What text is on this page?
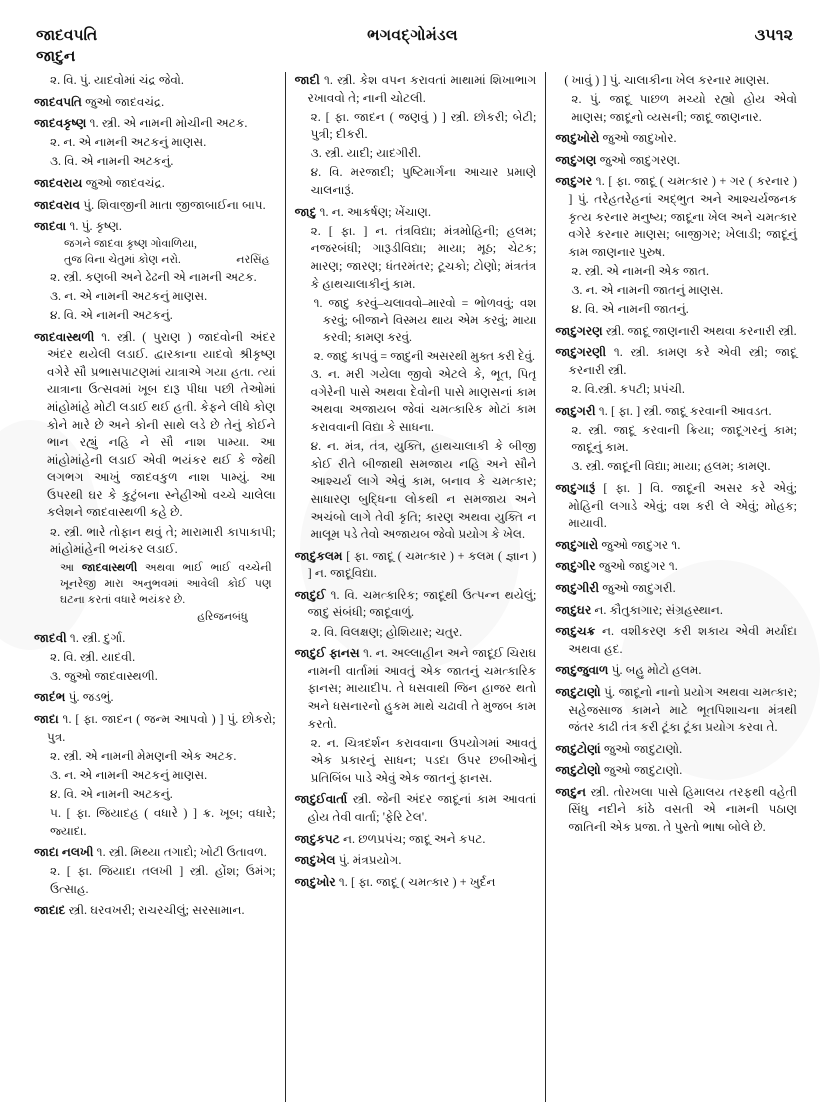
જાદવપતિ
જાદુન
ભગવદ્ગોમંડલ	૩૫૧૨

૨. વિ. પું. યાદવોમાં ચંદ્ર જેવો.

જાદવપતિ જુઓ જાદવચંદ્ર.

જાદવકૃષ્ણ ૧. સ્ત્રી. એ નામની મોચીની અટક.

૨. ન. એ નામની અટકનું માણસ.

૩. વિ. એ નામની અટકનું.

જાદવરાય જુઓ જાદવચંદ્ર.

જાદવરાવ પું. શિવાજીની માતા જીજાબાઈના બાપ.

જાદવા ૧. પું. કૃષ્ણ.

જગને જાદવા કૃષ્ણ ગોવાળિયા,

નરસિંહ
તુજ વિના ચેતુમાં કોણ નરો.

૨. સ્ત્રી. કણબી અને ઢેઢની એ નામની અટક.

૩. ન. એ નામની અટકનું માણસ.

૪. વિ. એ નામની અટકનું.

જાદવાસ્થળી ૧. સ્ત્રી. ( પુરાણ ) જાદવોની અંદર અંદર થયેલી લડાઈ. દ્વારકાના યાદવો શ્રીકૃષ્ણ વગેરે સૌ પ્રભાસપાટણમાં યાત્રાએ ગયા હતા. ત્યાં યાત્રાના ઉત્સવમાં ખૂબ દારૂ પીધા પછી તેઓમાં માંહોમાંહે મોટી લડાઈ થઈ હતી. કેફને લીધે કોણ કોને મારે છે અને કોની સાથે લડે છે તેનું કોઈને ભાન રહ્યું નહિ ને સૌ નાશ પામ્યા. આ માંહોમાંહેની લડાઈ એવી ભયંકર થઈ કે જેથી લગભગ આખું જાદવકુળ નાશ પામ્યું. આ ઉપરથી ઘર કે કુટુંબના સ્નેહીઓ વચ્ચે ચાલેલા કલેશને જાદવાસ્થળી કહે છે.

૨. સ્ત્રી. ભારે તોફાન થવું તે; મારામારી કાપાકાપી; માંહોમાંહેની ભયંકર લડાઈ.

આ જાદવાસ્થળી અથવા ભાઈ ભાઈ વચ્ચેની ખૂનરેજી મારા અનુભવમાં આવેલી કોઈ પણ ઘટના કરતાં વધારે ભયંકર છે.

હરિજનબંધુ

જાદવી ૧. સ્ત્રી. દુર્ગા.

૨. વિ. સ્ત્રી. યાદવી.

૩. જુઓ જાદવાસ્થળી.

જાદંભ પું. જડભું.

જાદા ૧. [ ફા. જાદન ( જન્મ આપવો ) ] પું. છોકરો; પુત્ર.

૨. સ્ત્રી. એ નામની મેમણની એક અટક.

૩. ન. એ નામની અટકનું માણસ.

૪. વિ. એ નામની અટકનું.

૫. [ ફા. જિયાદહ ( વધારે ) ] ક્ર. ખૂબ; વધારે; જ્યાદા.

જાદા નલખી ૧. સ્ત્રી. મિથ્યા તગાદો; ખોટી ઉતાવળ.

૨. [ ફા. જિયાદા તલખી ] સ્ત્રી. હોંશ; ઉમંગ; ઉત્સાહ.

જાદાદ સ્ત્રી. ઘરવખરી; રાચરચીલું; સરસામાન.

જાદી ૧. સ્ત્રી. કેશ વપન કરાવતાં માથામાં શિખાભાગ રખાવવો તે; નાની ચોટલી.

૨. [ ફા. જાદન ( જણવું ) ] સ્ત્રી. છોકરી; બેટી; પુત્રી; દીકરી.

૩. સ્ત્રી. યાદી; યાદગીરી.

૪. વિ. મરજાદી; પુષ્ટિમાર્ગના આચાર પ્રમાણે ચાલનારૂં.

જાદુ ૧. ન. આકર્ષણ; ખેંચાણ.

૨. [ ફા. ] ન. તંત્રવિદ્યા; મંત્રમોહિની; હલમ; નજરબંધી; ગારૂડીવિદ્યા; માયા; મૂઠ; ચેટક; મારણ; જારણ; ધંતરમંતર; ટૂચકો; ટોણો; મંત્રતંત્ર કે હાથચાલાકીનું કામ.

૧. જાદુ કરવું–ચલાવવો–મારવો = ભોળવવું; વશ કરવું; બીજાને વિસ્મય થાય એમ કરવું; માયા કરવી; કામણ કરવું.

૨. જાદુ કાપવું = જાદુની અસરથી મુક્ત કરી દેવું.

૩. ન. મરી ગયેલા જીવો એટલે કે, ભૂત, પિતૃ વગેરેની પાસે અથવા દેવોની પાસે માણસનાં કામ અથવા અજાયબ જેવાં ચમત્કારિક મોટાં કામ કરાવવાની વિદ્યા કે સાધના.

૪. ન. મંત્ર, તંત્ર, યુક્તિ, હાથચાલાકી કે બીજી કોઈ રીતે બીજાથી સમજાય નહિ અને સૌને આશ્ચર્ય લાગે એવું કામ, બનાવ કે ચમત્કાર; સાધારણ બુદ્ધિના લોકથી ન સમજાય અને અચંબો લાગે તેવી કૃતિ; કારણ અથવા યુક્તિ ન માલૂમ પડે તેવો અજાયબ જેવો પ્રયોગ કે ખેલ.

જાદુકલમ [ ફા. જાદૂ ( ચમત્કાર ) + કલમ ( જ્ઞાન ) ] ન. જાદૂવિદ્યા.

જાદુઈ ૧. વિ. ચમત્કારિક; જાદૂથી ઉત્પન્ન થયેલું; જાદુ સંબંધી; જાદૂવાળું.

૨. વિ. વિલક્ષણ; હોશિયાર; ચતુર.

જાદુઈ ફાનસ ૧. ન. અલ્લાહીન અને જાદૂઈ ચિરાઘ નામની વાર્તામાં આવતું એક જાતનું ચમત્કારિક ફાનસ; માયાદીપ. તે ધસવાથી જિન હાજર થતો અને ધસનારનો હુકમ માથે ચઢાવી તે મુજબ કામ કરતો.

૨. ન. ચિત્રદર્શન કરાવવાના ઉપયોગમાં આવતું એક પ્રકારનું સાધન; પડદા ઉપર છબીઓનું પ્રતિબિંબ પાડે એવું એક જાતનું ફાનસ.

જાદુઈવાર્તા સ્ત્રી. જેની અંદર જાદૂનાં કામ આવતાં હોય તેવી વાર્તા; 'ફેરિ ટેલ'.

જાદુકપટ ન. છળપ્રપંચ; જાદૂ અને કપટ.

જાદુખેલ પું. મંત્રપ્રયોગ.

જાદુખોર ૧. [ ફા. જાદૂ ( ચમત્કાર ) + ખુર્દન

( ખાવું ) ] પું. ચાલાકીના ખેલ કરનાર માણસ.

૨. પું. જાદૂ પાછળ મચ્યો રહ્યો હોય એવો માણસ; જાદૂનો વ્યસની; જાદૂ જાણનાર.

જાદુખોરો જુઓ જાદુખોર.

જાદુગણ જુઓ જાદુગરણ.

જાદુગર ૧. [ ફા. જાદૂ ( ચમત્કાર ) + ગર ( કરનાર ) ] પું. તરેહતરેહનાં અદ્ભુત અને આશ્ચર્યજનક કૃત્ય કરનાર મનુષ્ય; જાદૂના ખેલ અને ચમત્કાર વગેરે કરનાર માણસ; બાજીગર; ખેલાડી; જાદૂનું કામ જાણનાર પુરુષ.

૨. સ્ત્રી. એ નામની એક જાત.

૩. ન. એ નામની જાતનું માણસ.

૪. વિ. એ નામની જાતનું.

જાદુગરણ સ્ત્રી. જાદૂ જાણનારી અથવા કરનારી સ્ત્રી.

જાદુગરણી ૧. સ્ત્રી. કામણ કરે એવી સ્ત્રી; જાદૂ કરનારી સ્ત્રી.

૨. વિ.સ્ત્રી. કપટી; પ્રપંચી.

જાદુગરી ૧. [ ફા. ] સ્ત્રી. જાદૂ કરવાની આવડત.

૨. સ્ત્રી. જાદૂ કરવાની ક્રિયા; જાદૂગરનું કામ; જાદૂનું કામ.

૩. સ્ત્રી. જાદૂની વિદ્યા; માયા; હલમ; કામણ.

જાદુગારૂં [ ફા. ] વિ. જાદૂની અસર કરે એવું; મોહિની લગાડે એવું; વશ કરી લે એવું; મોહક; માયાવી.

જાદુગારો જુઓ જાદુગર ૧.

જાદુગીર જુઓ જાદુગર ૧.

જાદુગીરી જુઓ જાદુગરી.

જાદુઘર ન. કૌતુકાગાર; સંગ્રહસ્થાન.

જાદુચક્ર ન. વશીકરણ કરી શકાય એવી મર્યાદા અથવા હદ.

જાદુજુવાળ પું. બહુ મોટો હલમ.

જાદુટાણો પું. જાદૂનો નાનો પ્રયોગ અથવા ચમત્કાર; સહેજસાજ કામને માટે ભૂતપિશાચના મંત્રથી જંતર કાઢી તંત્ર કરી ટૂંકા ટૂંકા પ્રયોગ કરવા તે.

જાદુટોણાં જુઓ જાદુટાણો.

જાદુટોણો જુઓ જાદુટાણો.

જાદુન સ્ત્રી. તોરખલા પાસે હિમાલય તરફથી વહેતી સિંધુ નદીને કાંઠે વસતી એ નામની પઠાણ જાતિની એક પ્રજા. તે પુસ્તો ભાષા બોલે છે.
